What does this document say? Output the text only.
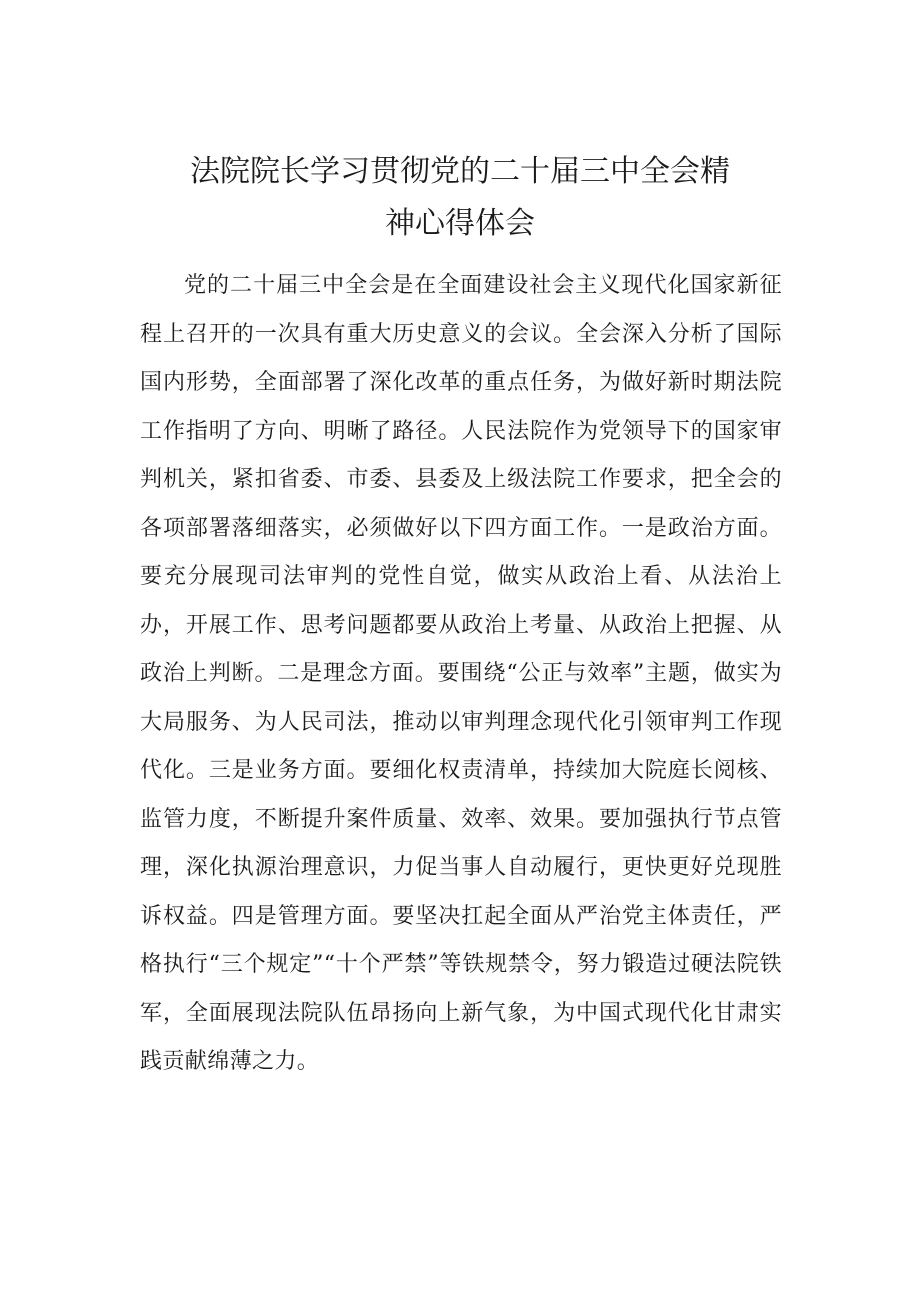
法院院长学习贯彻党的二十届三中全会精
神心得体会

党的二十届三中全会是在全面建设社会主义现代化国家新征程上召开的一次具有重大历史意义的会议。全会深入分析了国际国内形势，全面部署了深化改革的重点任务，为做好新时期法院工作指明了方向、明晰了路径。人民法院作为党领导下的国家审判机关，紧扣省委、市委、县委及上级法院工作要求，把全会的各项部署落细落实，必须做好以下四方面工作。一是政治方面。要充分展现司法审判的党性自觉，做实从政治上看、从法治上办，开展工作、思考问题都要从政治上考量、从政治上把握、从政治上判断。二是理念方面。要围绕“公正与效率”主题，做实为大局服务、为人民司法，推动以审判理念现代化引领审判工作现代化。三是业务方面。要细化权责清单，持续加大院庭长阅核、监管力度，不断提升案件质量、效率、效果。要加强执行节点管理，深化执源治理意识，力促当事人自动履行，更快更好兑现胜诉权益。四是管理方面。要坚决扛起全面从严治党主体责任，严格执行“三个规定”“十个严禁”等铁规禁令，努力锻造过硬法院铁军，全面展现法院队伍昂扬向上新气象，为中国式现代化甘肃实践贡献绵薄之力。
